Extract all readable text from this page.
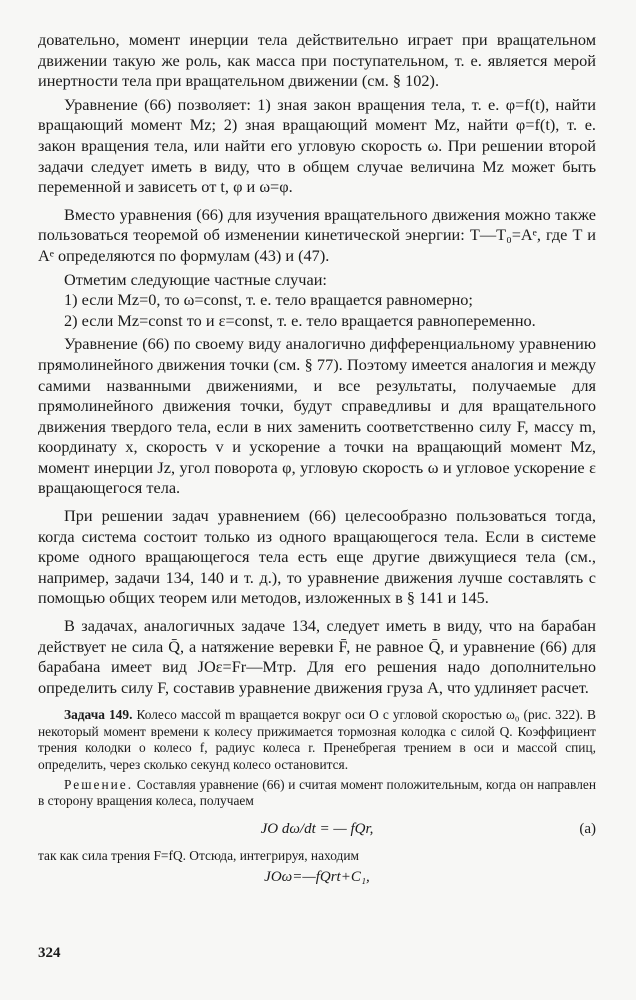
довательно, момент инерции тела действительно играет при вращательном движении такую же роль, как масса при поступательном, т. е. является мерой инертности тела при вращательном движении (см. § 102).

Уравнение (66) позволяет: 1) зная закон вращения тела, т. е. φ=f(t), найти вращающий момент Mz; 2) зная вращающий момент Mz, найти φ=f(t), т. е. закон вращения тела, или найти его угловую скорость ω. При решении второй задачи следует иметь в виду, что в общем случае величина Mz может быть переменной и зависеть от t, φ и ω=φ.

Вместо уравнения (66) для изучения вращательного движения можно также пользоваться теоремой об изменении кинетической энергии: T—T₀=Aᵉ, где T и Aᵉ определяются по формулам (43) и (47).

Отметим следующие частные случаи:

1) если Mz=0, то ω=const, т. е. тело вращается равномерно;

2) если Mz=const то и ε=const, т. е. тело вращается равнопеременно.

Уравнение (66) по своему виду аналогично дифференциальному уравнению прямолинейного движения точки (см. § 77). Поэтому имеется аналогия и между самими названными движениями, и все результаты, получаемые для прямолинейного движения точки, будут справедливы и для вращательного движения твердого тела, если в них заменить соответственно силу F, массу m, координату x, скорость v и ускорение a точки на вращающий момент Mz, момент инерции Jz, угол поворота φ, угловую скорость ω и угловое ускорение ε вращающегося тела.

При решении задач уравнением (66) целесообразно пользоваться тогда, когда система состоит только из одного вращающегося тела. Если в системе кроме одного вращающегося тела есть еще другие движущиеся тела (см., например, задачи 134, 140 и т. д.), то уравнение движения лучше составлять с помощью общих теорем или методов, изложенных в § 141 и 145.

В задачах, аналогичных задаче 134, следует иметь в виду, что на барабан действует не сила Q̄, а натяжение веревки F̄, не равное Q̄, и уравнение (66) для барабана имеет вид JOε=Fr—Mтр. Для его решения надо дополнительно определить силу F, составив уравнение движения груза A, что удлиняет расчет.

Задача 149. Колесо массой m вращается вокруг оси O с угловой скоростью ω₀ (рис. 322). В некоторый момент времени к колесу прижимается тормозная колодка с силой Q. Коэффициент трения колодки о колесо f, радиус колеса r. Пренебрегая трением в оси и массой спиц, определить, через сколько секунд колесо остановится.

Решение. Составляя уравнение (66) и считая момент положительным, когда он направлен в сторону вращения колеса, получаем

JO dω/dt = — fQr,	(a)

так как сила трения F=fQ. Отсюда, интегрируя, находим

JOω=—fQrt+C₁,
324
